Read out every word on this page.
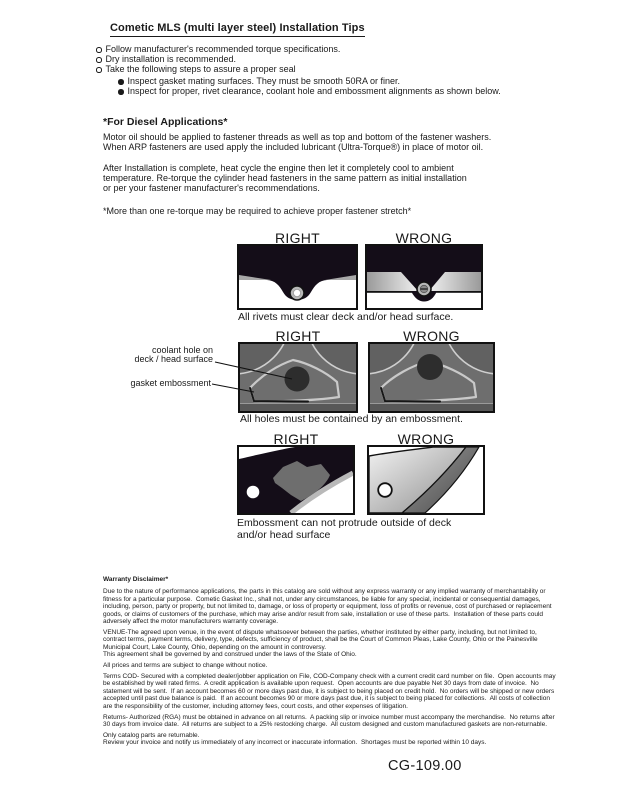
Cometic MLS (multi layer steel) Installation Tips
Follow manufacturer's recommended torque specifications.
Dry installation is recommended.
Take the following steps to assure a proper seal
Inspect gasket mating surfaces. They must be smooth 50RA or finer.
Inspect for proper, rivet clearance, coolant hole and embossment alignments as shown below.
*For Diesel Applications*
Motor oil should be applied to fastener threads as well as top and bottom of the fastener washers.
When ARP fasteners are used apply the included lubricant (Ultra-Torque®) in place of motor oil.
After Installation is complete, heat cycle the engine then let it completely cool to ambient
temperature. Re-torque the cylinder head fasteners in the same pattern as initial installation
or per your fastener manufacturer's recommendations.
*More than one re-torque may be required to achieve proper fastener stretch*
RIGHT	WRONG
All rivets must clear deck and/or head surface.
RIGHT	WRONG
coolant hole on
deck / head surface
gasket embossment
All holes must be contained by an embossment.
RIGHT	WRONG
Embossment can not protrude outside of deck
and/or head surface
Warranty Disclaimer*
Due to the nature of performance applications, the parts in this catalog are sold without any express warranty or any implied warranty of merchantability or
fitness for a particular purpose.  Cometic Gasket Inc., shall not, under any circumstances, be liable for any special, incidental or consequential damages,
including, person, party or property, but not limited to, damage, or loss of property or equipment, loss of profits or revenue, cost of purchased or replacement
goods, or claims of customers of the purchase, which may arise and/or result from sale, installation or use of these parts.  Installation of these parts could
adversely affect the motor manufacturers warranty coverage.
VENUE-The agreed upon venue, in the event of dispute whatsoever between the parties, whether instituted by either party, including, but not limited to,
contract terms, payment terms, delivery, type, defects, sufficiency of product, shall be the Court of Common Pleas, Lake County, Ohio or the Painesville
Municipal Court, Lake County, Ohio, depending on the amount in controversy.
This agreement shall be governed by and construed under the laws of the State of Ohio.
All prices and terms are subject to change without notice.
Terms COD- Secured with a completed dealer/jobber application on File, COD-Company check with a current credit card number on file.  Open accounts may
be established by well rated firms.  A credit application is available upon request.  Open accounts are due payable Net 30 days from date of invoice.  No
statement will be sent.  If an account becomes 60 or more days past due, it is subject to being placed on credit hold.  No orders will be shipped or new orders
accepted until past due balance is paid.  If an account becomes 90 or more days past due, it is subject to being placed for collections.  All costs of collection
are the responsibility of the customer, including attorney fees, court costs, and other expenses of litigation.
Returns- Authorized (RGA) must be obtained in advance on all returns.  A packing slip or invoice number must accompany the merchandise.  No returns after
30 days from invoice date.  All returns are subject to a 25% restocking charge.  All custom designed and custom manufactured gaskets are non-returnable.
Only catalog parts are returnable.
Review your invoice and notify us immediately of any incorrect or inaccurate information.  Shortages must be reported within 10 days.
CG-109.00
